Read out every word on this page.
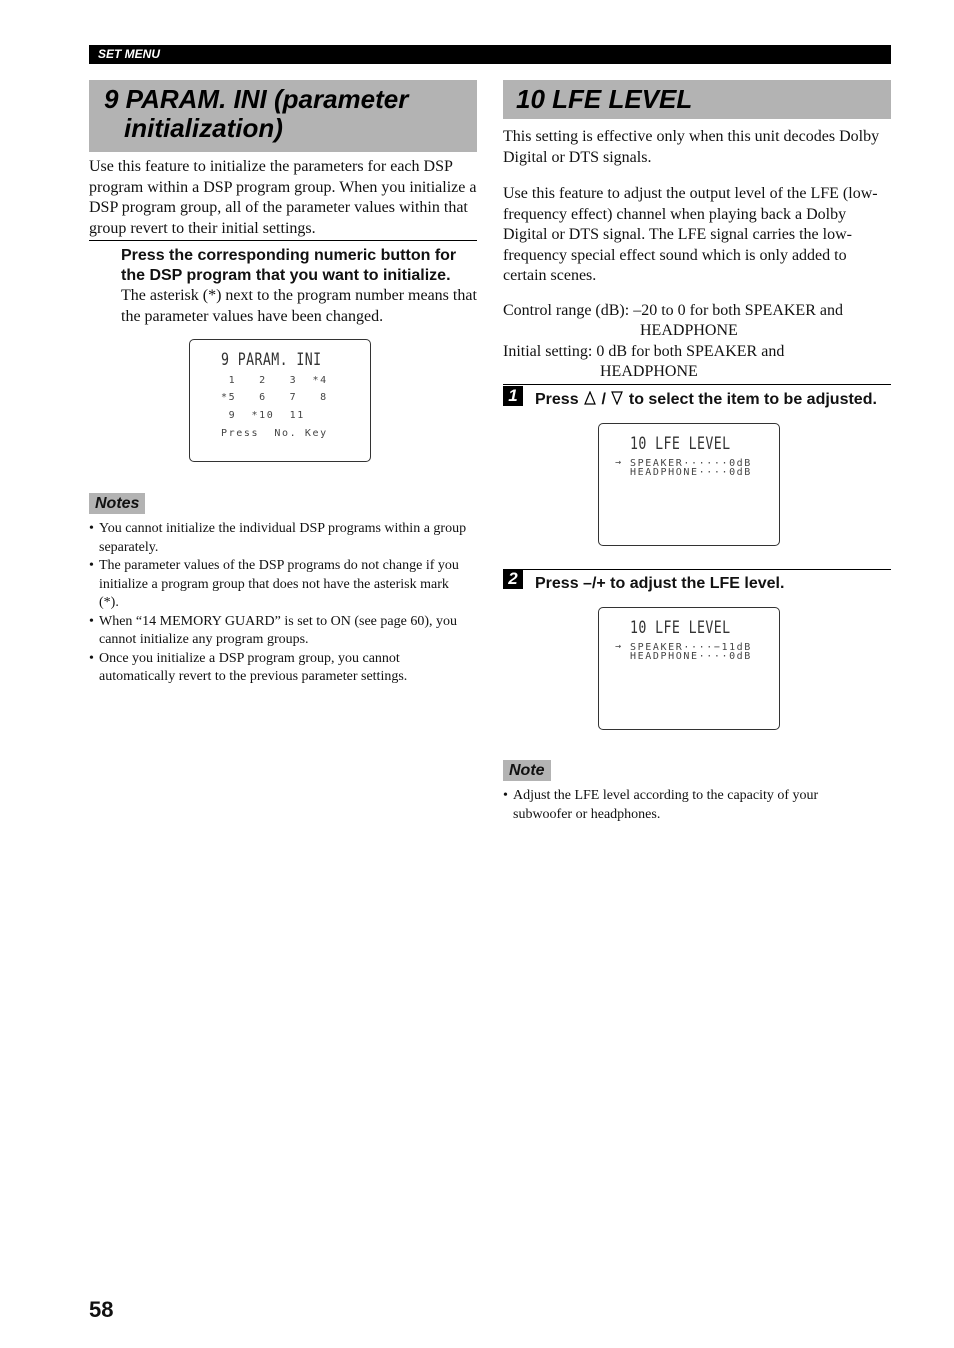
SET MENU
9 PARAM. INI (parameter
initialization)

Use this feature to initialize the parameters for each DSP program within a DSP program group. When you initialize a DSP program group, all of the parameter values within that group revert to their initial settings.

Press the corresponding numeric button for the DSP program that you want to initialize.

The asterisk (*) next to the program number means that the parameter values have been changed.

9 PARAM. INI
1   2   3  *4
*5   6   7   8
9  *10  11
Press  No. Key
Notes
• You cannot initialize the individual DSP programs within a group separately.
• The parameter values of the DSP programs do not change if you initialize a program group that does not have the asterisk mark (*).
• When “14 MEMORY GUARD” is set to ON (see page 60), you cannot initialize any program groups.
• Once you initialize a DSP program group, you cannot automatically revert to the previous parameter settings.
10 LFE LEVEL

This setting is effective only when this unit decodes Dolby Digital or DTS signals.

Use this feature to adjust the output level of the LFE (low-frequency effect) channel when playing back a Dolby Digital or DTS signal. The LFE signal carries the low-frequency special effect sound which is only added to certain scenes.

Control range (dB): –20 to 0 for both SPEAKER and
HEADPHONE
Initial setting: 0 dB for both SPEAKER and
HEADPHONE
1	Press / to select the item to be adjusted.
10 LFE LEVEL
→ SPEAKER······0dB
HEADPHONE····0dB
2	Press –/+ to adjust the LFE level.
10 LFE LEVEL
→ SPEAKER····−11dB
HEADPHONE····0dB
Note
• Adjust the LFE level according to the capacity of your subwoofer or headphones.
58
